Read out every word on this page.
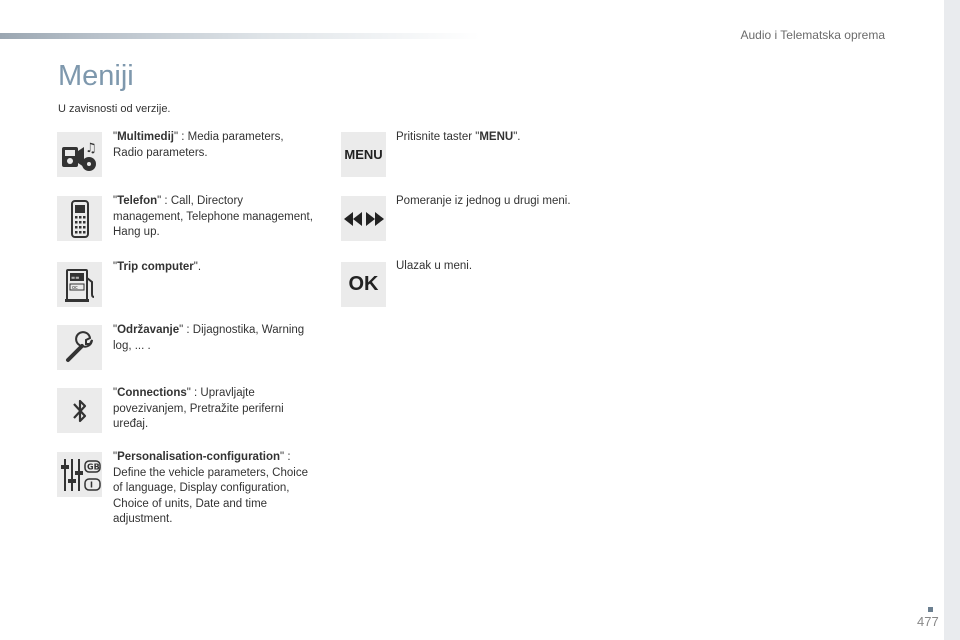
Audio i Telematska oprema
Meniji
U zavisnosti od verzije.
♫
"Multimedij" : Media parameters, Radio parameters.
"Telefon" : Call, Directory management, Telephone management, Hang up.
≡≡
oc
"Trip computer".
"Održavanje" : Dijagnostika, Warning log, ... .
"Connections" : Upravljajte povezivanjem, Pretražite periferni uređaj.
GB
I
"Personalisation-configuration" : Define the vehicle parameters, Choice of language, Display configuration, Choice of units, Date and time adjustment.
MENU
Pritisnite taster "MENU".
Pomeranje iz jednog u drugi meni.
OK
Ulazak u meni.
477
